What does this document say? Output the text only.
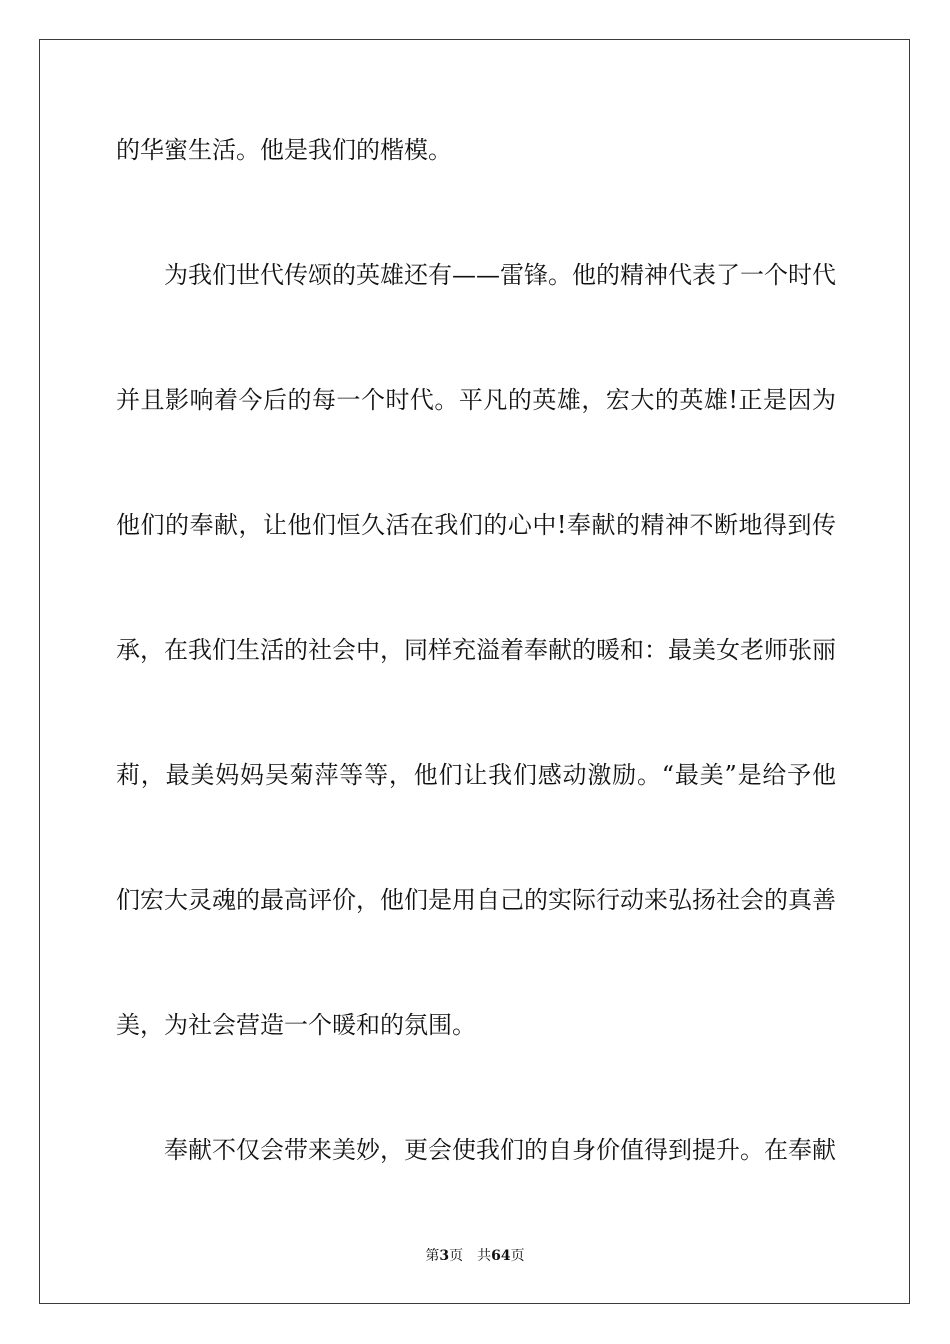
的华蜜生活。他是我们的楷模。
为我们世代传颂的英雄还有——雷锋。他的精神代表了一个时代
并且影响着今后的每一个时代。平凡的英雄，宏大的英雄!正是因为
他们的奉献，让他们恒久活在我们的心中!奉献的精神不断地得到传
承，在我们生活的社会中，同样充溢着奉献的暖和：最美女老师张丽
莉，最美妈妈吴菊萍等等，他们让我们感动激励。“最美”是给予他
们宏大灵魂的最高评价，他们是用自己的实际行动来弘扬社会的真善
美，为社会营造一个暖和的氛围。
奉献不仅会带来美妙，更会使我们的自身价值得到提升。在奉献
第3页 共64页
